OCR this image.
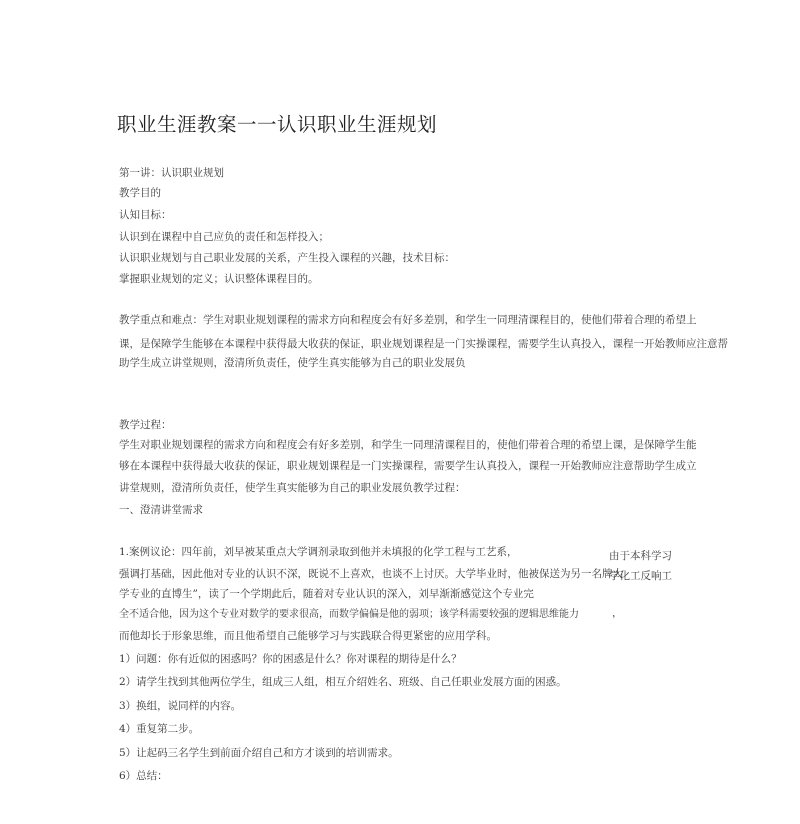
职业生涯教案一一认识职业生涯规划
第一讲：认识职业规划
教学目的
认知目标：
认识到在课程中自己应负的责任和怎样投入；
认识职业规划与自己职业发展的关系，产生投入课程的兴趣，技术目标：
掌握职业规划的定义；认识整体课程目的。
教学重点和难点：学生对职业规划课程的需求方向和程度会有好多差别，和学生一同理清课程目的，使他们带着合理的希望上
课，是保障学生能够在本课程中获得最大收获的保证，职业规划课程是一门实操课程，需要学生认真投入，课程一开始教师应注意帮
助学生成立讲堂规则，澄清所负责任，使学生真实能够为自己的职业发展负
教学过程：
学生对职业规划课程的需求方向和程度会有好多差别，和学生一同理清课程目的，使他们带着合理的希望上课，是保障学生能
够在本课程中获得最大收获的保证，职业规划课程是一门实操课程，需要学生认真投入，课程一开始教师应注意帮助学生成立
讲堂规则，澄清所负责任，使学生真实能够为自己的职业发展负教学过程：
一、澄清讲堂需求
1.案例议论：四年前，刘早被某重点大学调剂录取到他并未填报的化学工程与工艺系，
强调打基础，因此他对专业的认识不深，既说不上喜欢，也谈不上讨厌。大学毕业时，他被保送为另一名牌大
学专业的直博生”，读了一个学期此后，随着对专业认识的深入，刘早渐渐感觉这个专业完
全不适合他，因为这个专业对数学的要求很高，而数学偏偏是他的弱项；该学科需要较强的逻辑思维能力
而他却长于形象思维，而且他希望自己能够学习与实践联合得更紧密的应用学科。
由于本科学习
学化工反响工
，
1）问题：你有近似的困惑吗？你的困惑是什么？你对课程的期待是什么？
2）请学生找到其他两位学生，组成三人组，相互介绍姓名、班级、自己任职业发展方面的困惑。
3）换组，说同样的内容。
4）重复第二步。
5）让起码三名学生到前面介绍自己和方才谈到的培训需求。
6）总结：
